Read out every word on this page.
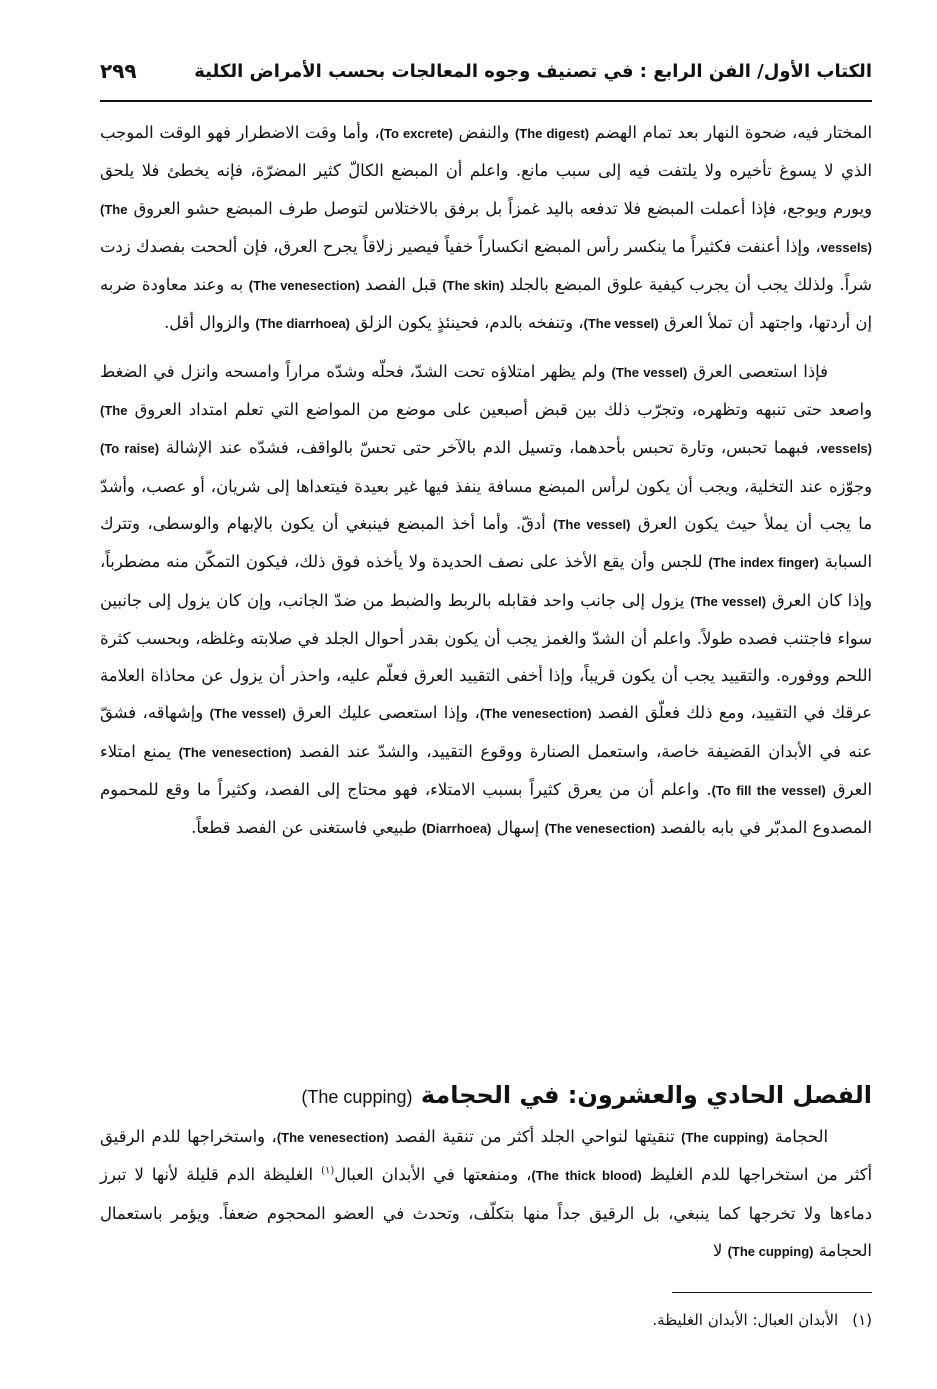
الكتاب الأول/ الفن الرابع : في تصنيف وجوه المعالجات بحسب الأمراض الكلية
٢٩٩

المختار فيه، ضحوة النهار بعد تمام الهضم (The digest) والنفض (To excrete)، وأما وقت الاضطرار فهو الوقت الموجب الذي لا يسوغ تأخيره ولا يلتفت فيه إلى سبب مانع. واعلم أن المبضع الكالّ كثير المضرّة، فإنه يخطئ فلا يلحق ويورم ويوجع، فإذا أعملت المبضع فلا تدفعه باليد غمزاً بل برفق بالاختلاس لتوصل طرف المبضع حشو العروق (The vessels)، وإذا أعنفت فكثيراً ما ينكسر رأس المبضع انكساراً خفياً فيصير زلاقاً يجرح العرق، فإن ألححت بفصدك زدت شراً. ولذلك يجب أن يجرب كيفية علوق المبضع بالجلد (The skin) قبل الفصد (The venesection) به وعند معاودة ضربه إن أردتها، واجتهد أن تملأ العرق (The vessel)، وتنفخه بالدم، فحينئذٍ يكون الزلق (The diarrhoea) والزوال أقل.

فإذا استعصى العرق (The vessel) ولم يظهر امتلاؤه تحت الشدّ، فحلّه وشدّه مراراً وامسحه وانزل في الضغط واصعد حتى تنبهه وتظهره، وتجرّب ذلك بين قبض أصبعين على موضع من المواضع التي تعلم امتداد العروق (The vessels)، فبهما تحبس، وتارة تحبس بأحدهما، وتسيل الدم بالآخر حتى تحسّ بالواقف، فشدّه عند الإشالة (To raise) وجوّزه عند التخلية، ويجب أن يكون لرأس المبضع مسافة ينفذ فيها غير بعيدة فيتعداها إلى شريان، أو عصب، وأشدّ ما يجب أن يملأ حيث يكون العرق (The vessel) أدقّ. وأما أخذ المبضع فينبغي أن يكون بالإبهام والوسطى، وتترك السبابة (The index finger) للجس وأن يقع الأخذ على نصف الحديدة ولا يأخذه فوق ذلك، فيكون التمكّن منه مضطرباً، وإذا كان العرق (The vessel) يزول إلى جانب واحد فقابله بالربط والضبط من ضدّ الجانب، وإن كان يزول إلى جانبين سواء فاجتنب فصده طولاً. واعلم أن الشدّ والغمز يجب أن يكون بقدر أحوال الجلد في صلابته وغلظه، وبحسب كثرة اللحم ووفوره. والتقييد يجب أن يكون قريباً، وإذا أخفى التقييد العرق فعلّم عليه، واحذر أن يزول عن محاذاة العلامة عرقك في التقييد، ومع ذلك فعلّق الفصد (The venesection)، وإذا استعصى عليك العرق (The vessel) وإشهاقه، فشقّ عنه في الأبدان القضيفة خاصة، واستعمل الصنارة ووقوع التقييد، والشدّ عند الفصد (The venesection) يمنع امتلاء العرق (To fill the vessel). واعلم أن من يعرق كثيراً بسبب الامتلاء، فهو محتاج إلى الفصد، وكثيراً ما وقع للمحموم المصدوع المدبّر في بابه بالفصد (The venesection) إسهال (Diarrhoea) طبيعي فاستغنى عن الفصد قطعاً.

الفصل الحادي والعشرون: في الحجامة (The cupping)

الحجامة (The cupping) تنقيتها لنواحي الجلد أكثر من تنقية الفصد (The venesection)، واستخراجها للدم الرقيق أكثر من استخراجها للدم الغليظ (The thick blood)، ومنفعتها في الأبدان العبال$^{(١)}$ الغليظة الدم قليلة لأنها لا تبرز دماءها ولا تخرجها كما ينبغي، بل الرقيق جداً منها بتكلّف، وتحدث في العضو المحجوم ضعفاً. ويؤمر باستعمال الحجامة (The cupping) لا

(١)الأبدان العبال: الأبدان الغليظة.
